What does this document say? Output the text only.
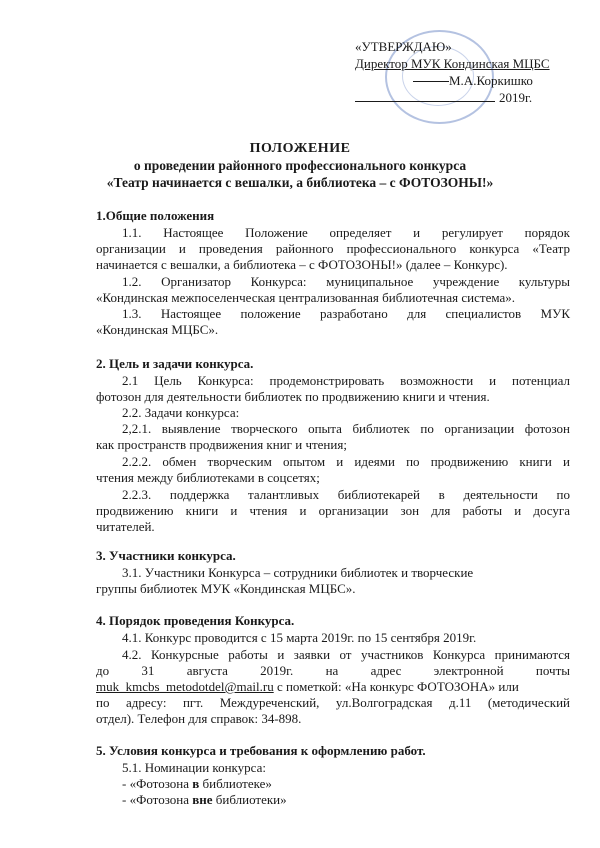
«УТВЕРЖДАЮ»
Директор МУК Кондинская МЦБС
М.А.Коркишко
2019г.
ПОЛОЖЕНИЕ
о проведении районного профессионального конкурса
«Театр начинается с вешалки, а библиотека – с ФОТОЗОНЫ!»
1.Общие положения
1.1. Настоящее Положение определяет и регулирует порядок
организации и проведения районного профессионального конкурса «Театр
начинается с вешалки, а библиотека – с ФОТОЗОНЫ!» (далее – Конкурс).
1.2. Организатор Конкурса: муниципальное учреждение культуры
«Кондинская межпоселенческая централизованная библиотечная система».
1.3. Настоящее положение разработано для специалистов МУК
«Кондинская МЦБС».
2. Цель и задачи конкурса.
2.1 Цель Конкурса: продемонстрировать возможности и потенциал
фотозон для деятельности библиотек по продвижению книги и чтения.
2.2. Задачи конкурса:
2,2.1. выявление творческого опыта библиотек по организации фотозон
как пространств продвижения книг и чтения;
2.2.2. обмен творческим опытом и идеями по продвижению книги и
чтения между библиотеками в соцсетях;
2.2.3. поддержка талантливых библиотекарей в деятельности по
продвижению книги и чтения и организации зон для работы и досуга
читателей.
3. Участники конкурса.
3.1. Участники Конкурса – сотрудники библиотек и творческие
группы библиотек МУК «Кондинская МЦБС».
4. Порядок проведения Конкурса.
4.1. Конкурс проводится с 15 марта 2019г. по 15 сентября 2019г.
4.2. Конкурсные работы и заявки от участников Конкурса принимаются
до 31 августа 2019г. на адрес электронной почты
muk_kmcbs_metodotdel@mail.ru с пометкой: «На конкурс ФОТОЗОНА» или
по адресу: пгт. Междуреченский, ул.Волгоградская д.11 (методический
отдел). Телефон для справок: 34-898.
5. Условия конкурса и требования к оформлению работ.
5.1. Номинации конкурса:
- «Фотозона в библиотеке»
- «Фотозона вне библиотеки»
